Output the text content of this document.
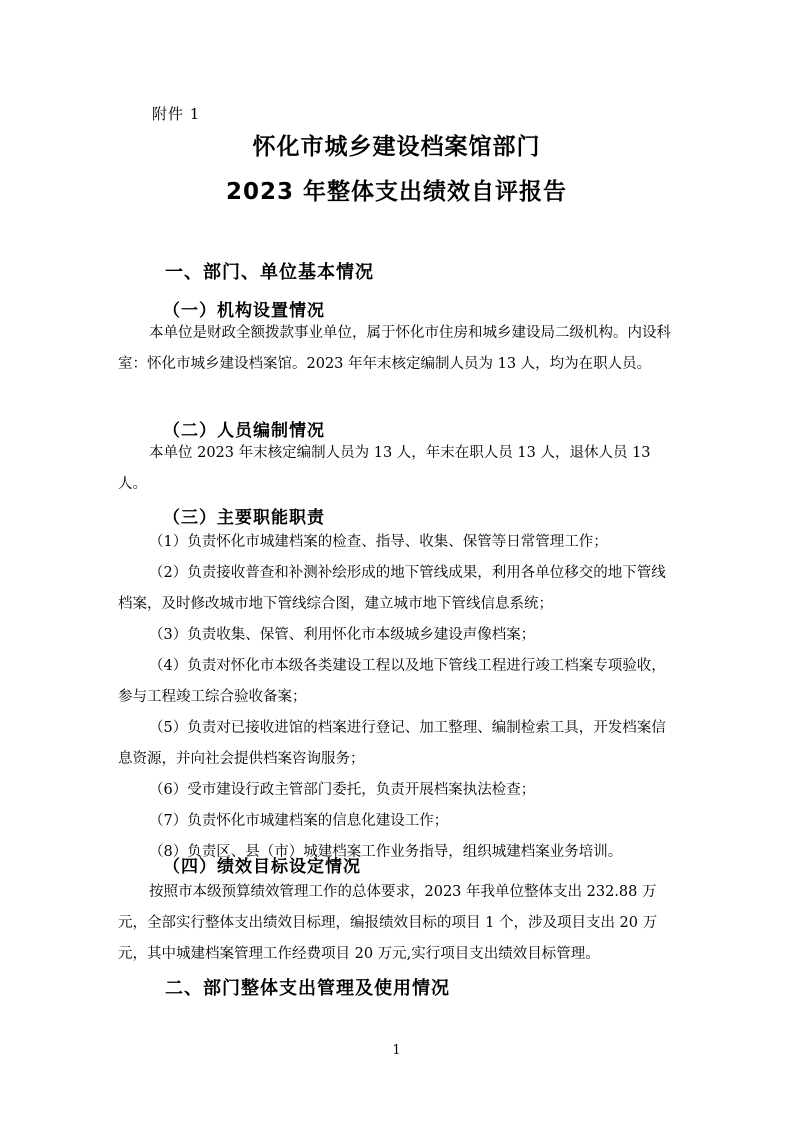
附件 1
怀化市城乡建设档案馆部门
2023 年整体支出绩效自评报告
一、部门、单位基本情况
（一）机构设置情况
本单位是财政全额拨款事业单位，属于怀化市住房和城乡建设局二级机构。内设科室：怀化市城乡建设档案馆。2023 年年末核定编制人员为 13 人，均为在职人员。
（二）人员编制情况
本单位 2023 年末核定编制人员为 13 人，年末在职人员 13 人，退休人员 13 人。
（三）主要职能职责
（1）负责怀化市城建档案的检查、指导、收集、保管等日常管理工作；
（2）负责接收普查和补测补绘形成的地下管线成果，利用各单位移交的地下管线档案，及时修改城市地下管线综合图，建立城市地下管线信息系统；
（3）负责收集、保管、利用怀化市本级城乡建设声像档案；
（4）负责对怀化市本级各类建设工程以及地下管线工程进行竣工档案专项验收，参与工程竣工综合验收备案；
（5）负责对已接收进馆的档案进行登记、加工整理、编制检索工具，开发档案信息资源，并向社会提供档案咨询服务；
（6）受市建设行政主管部门委托，负责开展档案执法检查；
（7）负责怀化市城建档案的信息化建设工作；
（8）负责区、县（市）城建档案工作业务指导，组织城建档案业务培训。
（四）绩效目标设定情况
按照市本级预算绩效管理工作的总体要求，2023 年我单位整体支出 232.88 万元，全部实行整体支出绩效目标理，编报绩效目标的项目 1 个，涉及项目支出 20 万元，其中城建档案管理工作经费项目 20 万元,实行项目支出绩效目标管理。
二、部门整体支出管理及使用情况
1
